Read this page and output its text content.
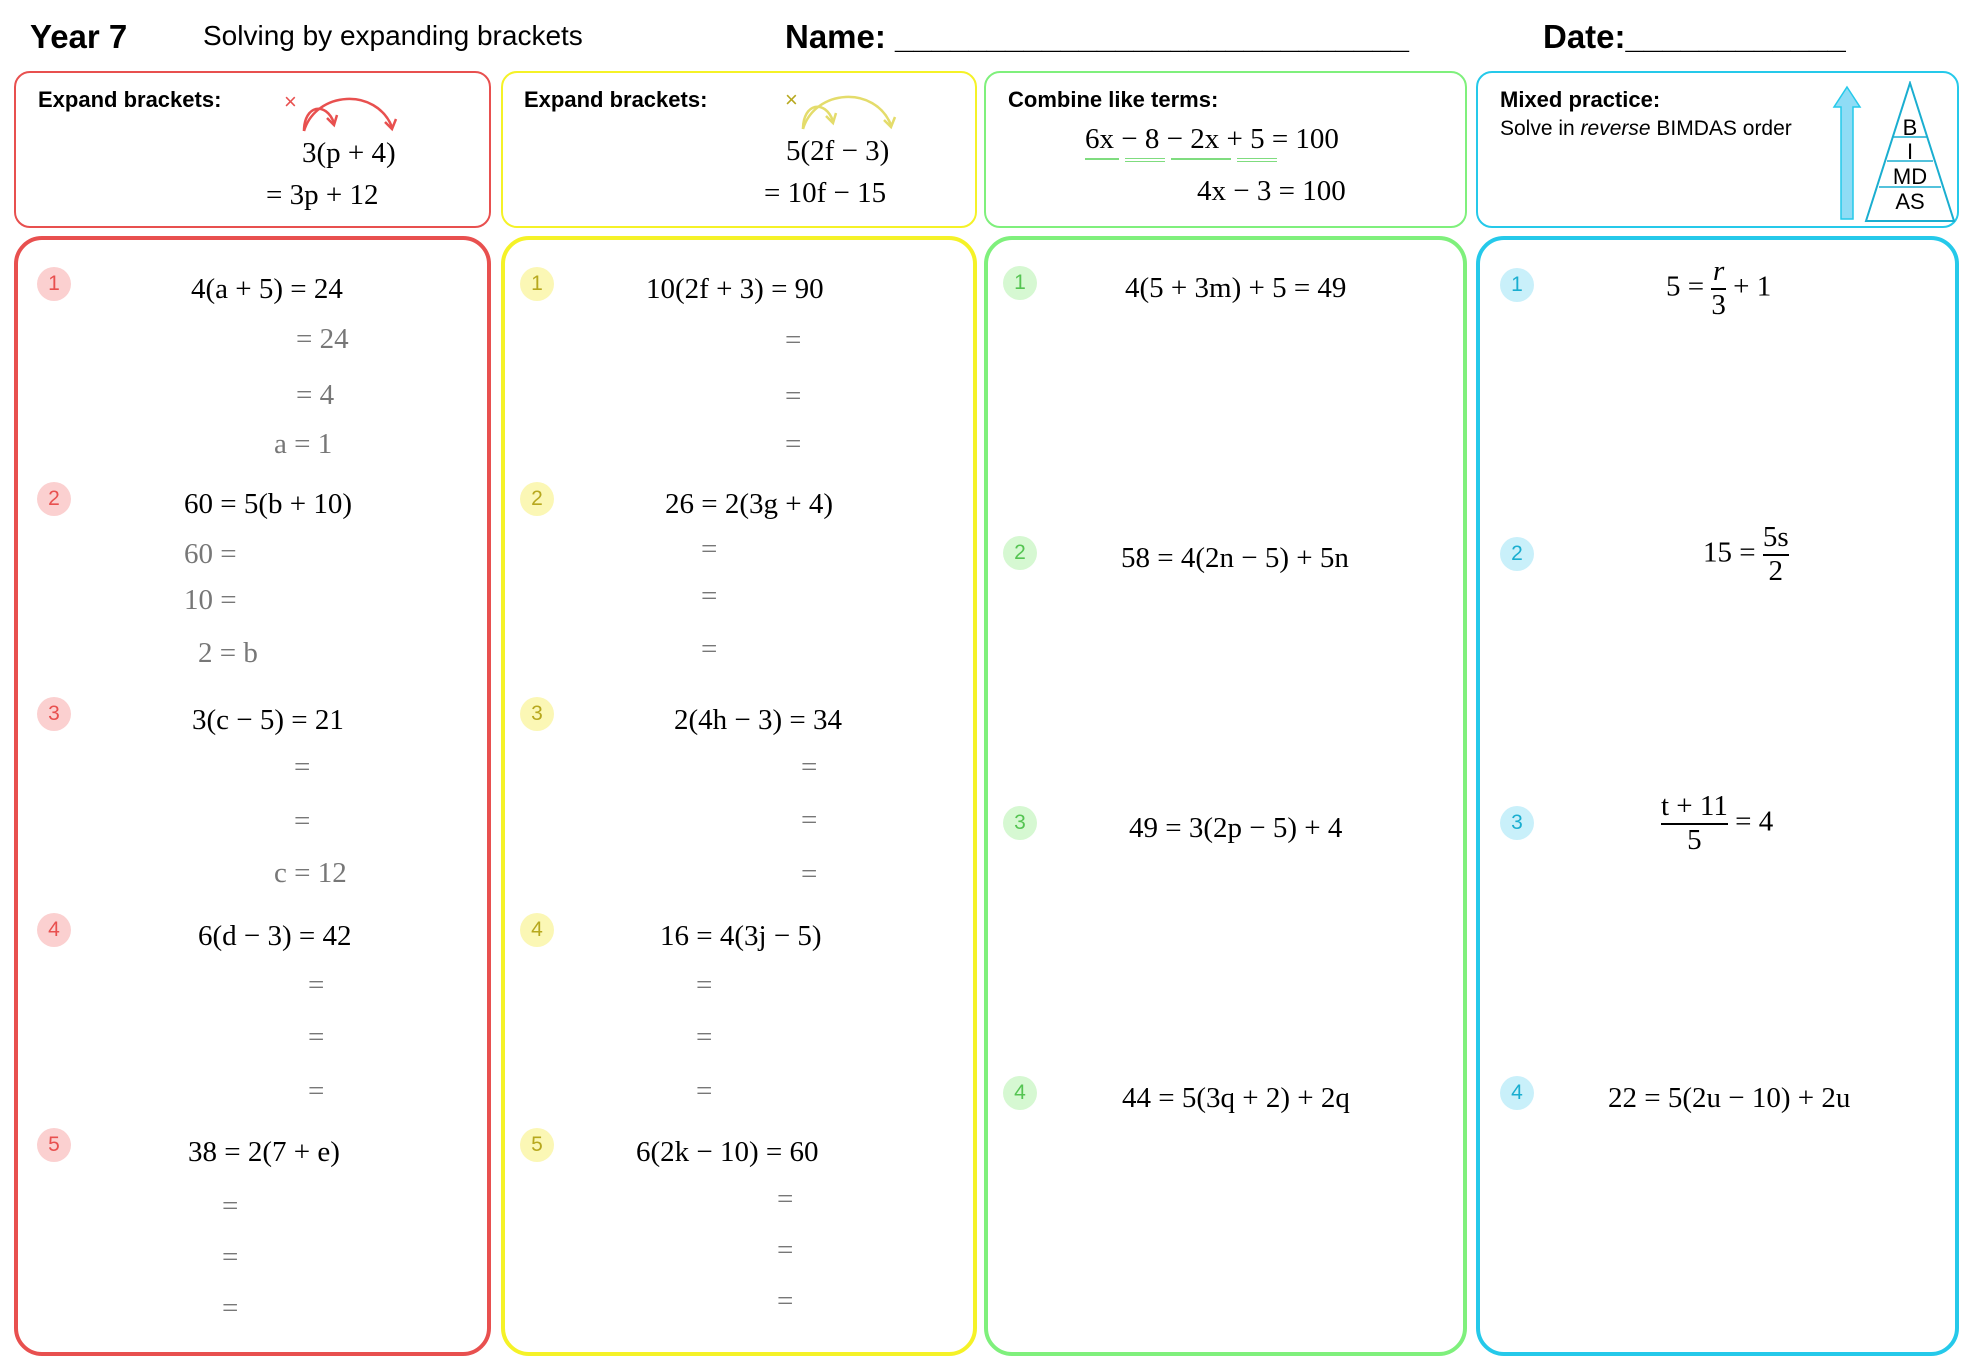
Year 7	Solving by expanding brackets	Name: ____________________________	Date:____________
Expand brackets:	×
3(p + 4)
= 3p + 12
Expand brackets:	×
5(2f − 3)
= 10f − 15
Combine like terms:
6x − 8 − 2x + 5 = 100
4x − 3 = 100
Mixed practice:
Solve in reverse BIMDAS order	B
I
MD
AS
1	4(a + 5) = 24
= 24
= 4
a = 1
2	60 = 5(b + 10)
60 =
10 =
2 = b
3	3(c − 5) = 21
=
=
c = 12
4	6(d − 3) = 42
=
=
=
5	38 = 2(7 + e)
=
=
=
1	10(2f + 3) = 90
=
=
=
2	26 = 2(3g + 4)
=
=
=
3	2(4h − 3) = 34
=
=
=
4	16 = 4(3j − 5)
=
=
=
5	6(2k − 10) = 60
=
=
=
1	4(5 + 3m) + 5 = 49
2	58 = 4(2n − 5) + 5n
3	49 = 3(2p − 5) + 4
4	44 = 5(3q + 2) + 2q
1	$5 = \frac{r}{3} + 1$
2	$15 = \frac{5s}{2}$
3	$\frac{t + 11}{5} = 4$
4	22 = 5(2u − 10) + 2u
